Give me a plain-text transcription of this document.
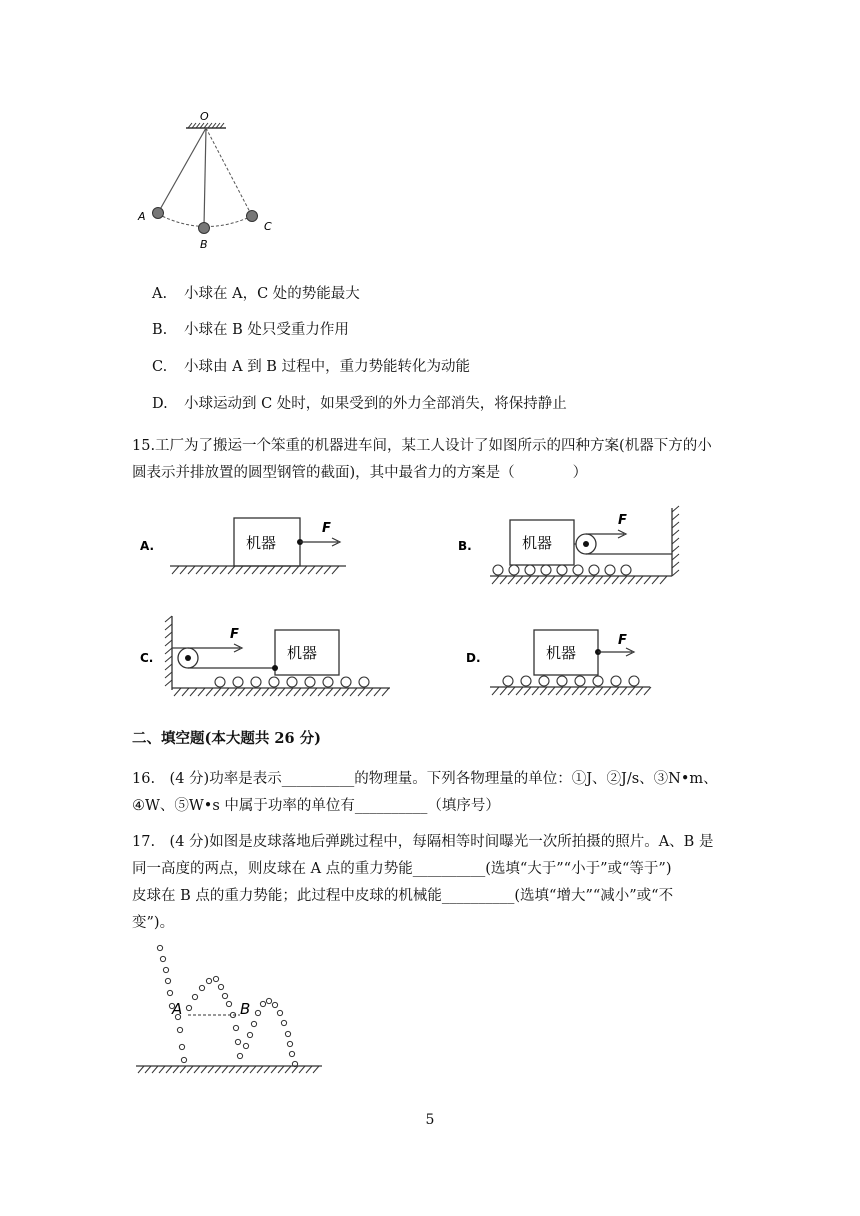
O
A
B
C
A. 小球在 A，C 处的势能最大
B. 小球在 B 处只受重力作用
C. 小球由 A 到 B 过程中，重力势能转化为动能
D. 小球运动到 C 处时，如果受到的外力全部消失，将保持静止
15.工厂为了搬运一个笨重的机器进车间，某工人设计了如图所示的四种方案(机器下方的小
圆表示并排放置的圆型钢管的截面)，其中最省力的方案是（　　　　）
A.	机器
F
B.	机器
F
C.
F
机器	D.	机器
F
二、填空题(本大题共 26 分)
16.　(4 分)功率是表示__________的物理量。下列各物理量的单位：①J、②J/s、③N•m、
④W、⑤W•s 中属于功率的单位有__________（填序号）
17.　(4 分)如图是皮球落地后弹跳过程中，每隔相等时间曝光一次所拍摄的照片。A、B 是
同一高度的两点，则皮球在 A 点的重力势能__________(选填“大于”“小于”或“等于”)
皮球在 B 点的重力势能；此过程中皮球的机械能__________(选填“增大”“减小”或“不
变”)。
A	B
5
